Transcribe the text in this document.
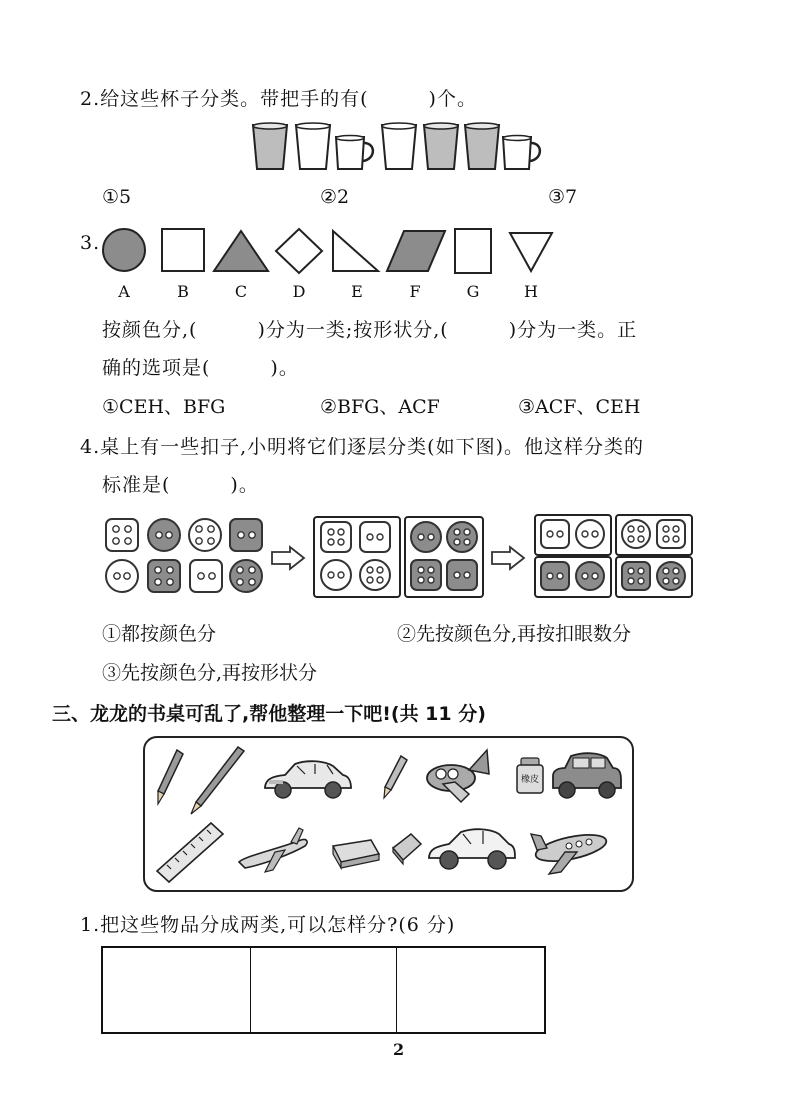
2.给这些杯子分类。带把手的有(　　　)个。
①5	②2	③7
3.
A	B	C	D	E	F	G	H
按颜色分,(　　　)分为一类;按形状分,(　　　)分为一类。正
确的选项是(　　　)。
①CEH、BFG	②BFG、ACF	③ACF、CEH
4.桌上有一些扣子,小明将它们逐层分类(如下图)。他这样分类的
标准是(　　　)。
①都按颜色分	②先按颜色分,再按扣眼数分
③先按颜色分,再按形状分
三、龙龙的书桌可乱了,帮他整理一下吧!(共 11 分)
橡皮
1.把这些物品分成两类,可以怎样分?(6 分)
2
